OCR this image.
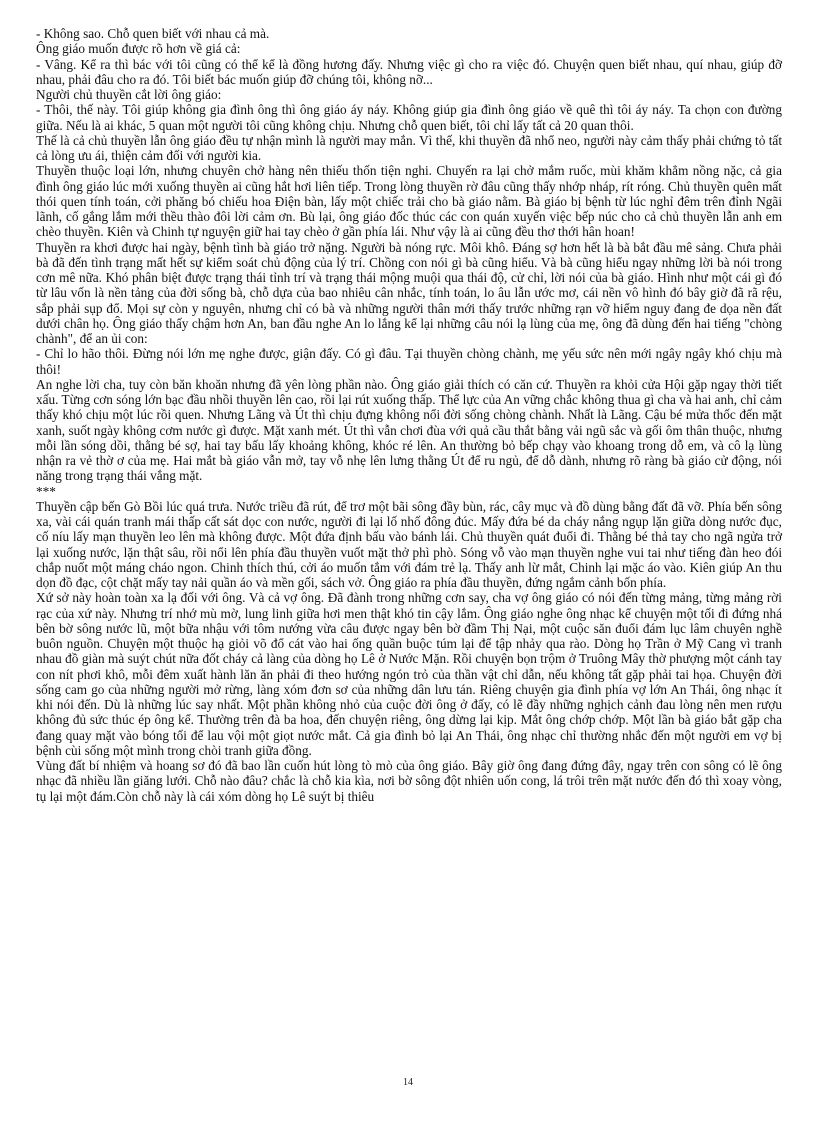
- Không sao. Chỗ quen biết với nhau cả mà.

Ông giáo muốn được rõ hơn về giá cả:

- Vâng. Kể ra thì bác với tôi cũng có thể kể là đồng hương đấy. Nhưng việc gì cho ra việc đó. Chuyện quen biết nhau, quí nhau, giúp đỡ nhau, phải đâu cho ra đó. Tôi biết bác muốn giúp đỡ chúng tôi, không nỡ...

Người chủ thuyền cắt lời ông giáo:

- Thôi, thế này. Tôi giúp không gia đình ông thì ông giáo áy náy. Không giúp gia đình ông giáo về quê thì tôi áy náy. Ta chọn con đường giữa. Nếu là ai khác, 5 quan một người tôi cũng không chịu. Nhưng chỗ quen biết, tôi chỉ lấy tất cả 20 quan thôi.

Thế là cả chủ thuyền lẫn ông giáo đều tự nhận mình là người may mắn. Vì thế, khi thuyền đã nhổ neo, người này cảm thấy phải chứng tỏ tất cả lòng ưu ái, thiện cảm đối với người kia.

Thuyền thuộc loại lớn, nhưng chuyên chở hàng nên thiếu thốn tiện nghi. Chuyến ra lại chở mắm ruốc, mùi khăm khẳm nồng nặc, cả gia đình ông giáo lúc mới xuống thuyền ai cũng hắt hơi liên tiếp. Trong lòng thuyền rờ đâu cũng thấy nhớp nháp, rít róng. Chủ thuyền quên mất thói quen tính toán, cởi phăng bó chiếu hoa Điện bàn, lấy một chiếc trải cho bà giáo nằm. Bà giáo bị bệnh từ lúc nghỉ đêm trên đỉnh Ngãi lãnh, cố gắng lắm mới thều thào đôi lời cảm ơn. Bù lại, ông giáo đốc thúc các con quán xuyến việc bếp núc cho cả chủ thuyền lẫn anh em chèo thuyền. Kiên và Chinh tự nguyện giữ hai tay chèo ở gần phía lái. Như vậy là ai cũng đều thơ thới hân hoan!

Thuyền ra khơi được hai ngày, bệnh tình bà giáo trở nặng. Người bà nóng rực. Môi khô. Đáng sợ hơn hết là bà bắt đầu mê sảng. Chưa phải bà đã đến tình trạng mất hết sự kiểm soát chủ động của lý trí. Chồng con nói gì bà cũng hiểu. Và bà cũng hiểu ngay những lời bà nói trong cơn mê nữa. Khó phân biệt được trạng thái tỉnh trí và trạng thái mộng muội qua thái độ, cử chỉ, lời nói của bà giáo. Hình như một cái gì đó từ lâu vốn là nền tảng của đời sống bà, chỗ dựa của bao nhiêu cân nhắc, tính toán, lo âu lẫn ước mơ, cái nền vô hình đó bây giờ đã rã rệu, sắp phải sụp đổ. Mọi sự còn y nguyên, nhưng chỉ có bà và những người thân mới thấy trước những rạn vỡ hiểm nguy đang đe dọa nền đất dưới chân họ. Ông giáo thấy chậm hơn An, ban đầu nghe An lo lắng kể lại những câu nói lạ lùng của mẹ, ông đã dùng đến hai tiếng "chòng chành", để an ủi con:

- Chỉ lo hão thôi. Đừng nói lớn mẹ nghe được, giận đấy. Có gì đâu. Tại thuyền chòng chành, mẹ yếu sức nên mới ngây ngây khó chịu mà thôi!

An nghe lời cha, tuy còn băn khoăn nhưng đã yên lòng phần nào. Ông giáo giải thích có căn cứ. Thuyền ra khỏi cửa Hội gặp ngay thời tiết xấu. Từng cơn sóng lớn bạc đầu nhồi thuyền lên cao, rồi lại rút xuống thấp. Thể lực của An vững chắc không thua gì cha và hai anh, chỉ cảm thấy khó chịu một lúc rồi quen. Nhưng Lãng và Út thì chịu đựng không nổi đời sống chòng chành. Nhất là Lãng. Cậu bé mửa thốc đến mặt xanh, suốt ngày không cơm nước gì được. Mặt xanh mét. Út thì vẫn chơi đùa với quả cầu thắt bằng vải ngũ sắc và gối ôm thân thuộc, nhưng mỗi lần sóng dồi, thằng bé sợ, hai tay bấu lấy khoảng không, khóc ré lên. An thường bỏ bếp chạy vào khoang trong dỗ em, và cô lạ lùng nhận ra vẻ thờ ơ của mẹ. Hai mắt bà giáo vẫn mở, tay vỗ nhẹ lên lưng thằng Út để ru ngủ, để dỗ dành, nhưng rõ ràng bà giáo cử động, nói năng trong trạng thái vắng mặt.

***

Thuyền cập bến Gò Bồi lúc quá trưa. Nước triều đã rút, để trơ một bãi sông đầy bùn, rác, cây mục và đồ dùng bằng đất đã vỡ. Phía bến sông xa, vài cái quán tranh mái thấp cất sát dọc con nước, người đi lại lố nhố đông đúc. Mấy đứa bé da cháy nắng ngụp lặn giữa dòng nước đục, cố níu lấy mạn thuyền leo lên mà không được. Một đứa định bấu vào bánh lái. Chủ thuyền quát đuổi đi. Thằng bé thả tay cho ngã ngửa trở lại xuống nước, lặn thật sâu, rồi nổi lên phía đầu thuyền vuốt mặt thở phì phò. Sóng vỗ vào mạn thuyền nghe vui tai như tiếng đàn heo đói chắp nuốt một máng cháo ngon. Chinh thích thú, cởi áo muốn tắm với đám trẻ lạ. Thấy anh lừ mắt, Chinh lại mặc áo vào. Kiên giúp An thu dọn đồ đạc, cột chặt mấy tay nải quần áo và mền gối, sách vở. Ông giáo ra phía đầu thuyền, đứng ngắm cảnh bốn phía.

Xứ sở này hoàn toàn xa lạ đối với ông. Và cả vợ ông. Đã đành trong những cơn say, cha vợ ông giáo có nói đến từng mảng, từng mảng rời rạc của xứ này. Nhưng trí nhớ mù mờ, lung linh giữa hơi men thật khó tin cậy lắm. Ông giáo nghe ông nhạc kể chuyện một tối đi đứng nhá bên bờ sông nước lũ, một bữa nhậu với tôm nướng vừa câu được ngay bên bờ đầm Thị Nại, một cuộc săn đuổi đám lục lâm chuyên nghề buôn nguồn. Chuyện một thuộc hạ giỏi võ đổ cát vào hai ống quần buộc túm lại để tập nhảy qua rào. Dòng họ Trần ở Mỹ Cang vì tranh nhau đồ giàn mà suýt chút nữa đốt cháy cả làng của dòng họ Lê ở Nước Mặn. Rồi chuyện bọn trộm ở Truông Mây thờ phượng một cánh tay con nít phơi khô, mỗi đêm xuất hành lăn ăn phải đi theo hướng ngón trỏ của thần vật chỉ dẫn, nếu không tất gặp phải tai họa. Chuyện đời sống cam go của những người mở rừng, làng xóm đơn sơ của những dân lưu tán. Riêng chuyện gia đình phía vợ lớn An Thái, ông nhạc ít khi nói đến. Dù là những lúc say nhất. Một phần không nhỏ của cuộc đời ông ở đấy, có lẽ đầy những nghịch cảnh đau lòng nên men rượu không đủ sức thúc ép ông kể. Thường trên đà ba hoa, đến chuyện riêng, ông dừng lại kịp. Mắt ông chớp chớp. Một lần bà giáo bắt gặp cha đang quay mặt vào bóng tối để lau vội một giọt nước mắt. Cả gia đình bỏ lại An Thái, ông nhạc chỉ thường nhắc đến một người em vợ bị bệnh cùi sống một mình trong chòi tranh giữa đồng.

Vùng đất bí nhiệm và hoang sơ đó đã bao lần cuốn hút lòng tò mò của ông giáo. Bây giờ ông đang đứng đây, ngay trên con sông có lẽ ông nhạc đã nhiều lần giăng lưới. Chỗ nào đâu? chắc là chỗ kia kìa, nơi bờ sông đột nhiên uốn cong, lá trôi trên mặt nước đến đó thì xoay vòng, tụ lại một đám.Còn chỗ này là cái xóm dòng họ Lê suýt bị thiêu

14
